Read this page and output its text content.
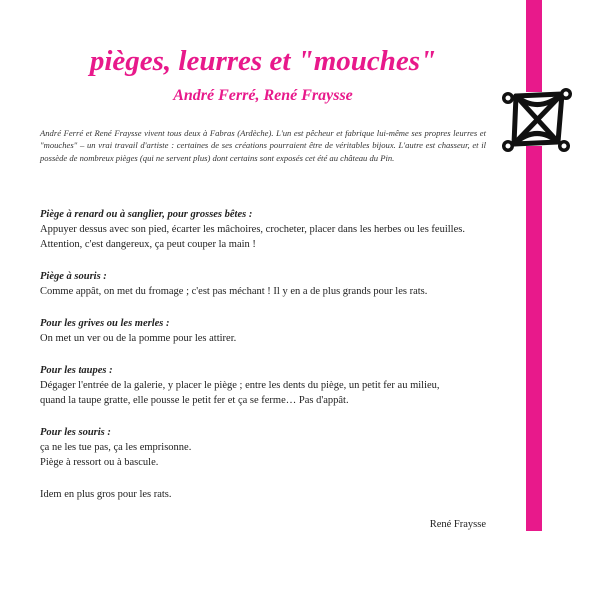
pièges, leurres et "mouches"
André Ferré, René Fraysse

André Ferré et René Fraysse vivent tous deux à Fabras (Ardèche). L'un est pêcheur et fabrique lui-même ses propres leurres et "mouches" – un vrai travail d'artiste : certaines de ses créations pourraient être de véritables bijoux. L'autre est chasseur, et il possède de nombreux pièges (qui ne servent plus) dont certains sont exposés cet été au château du Pin.

Piège à renard ou à sanglier, pour grosses bêtes :

Appuyer dessus avec son pied, écarter les mâchoires, crocheter, placer dans les herbes ou les feuilles.

Attention, c'est dangereux, ça peut couper la main !

Piège à souris :

Comme appât, on met du fromage ; c'est pas méchant ! Il y en a de plus grands pour les rats.

Pour les grives ou les merles :

On met un ver ou de la pomme pour les attirer.

Pour les taupes :

Dégager l'entrée de la galerie, y placer le piège ; entre les dents du piège, un petit fer au milieu,

quand la taupe gratte, elle pousse le petit fer et ça se ferme… Pas d'appât.

Pour les souris :

ça ne les tue pas, ça les emprisonne.

Piège à ressort ou à bascule.

Idem en plus gros pour les rats.

René Fraysse
